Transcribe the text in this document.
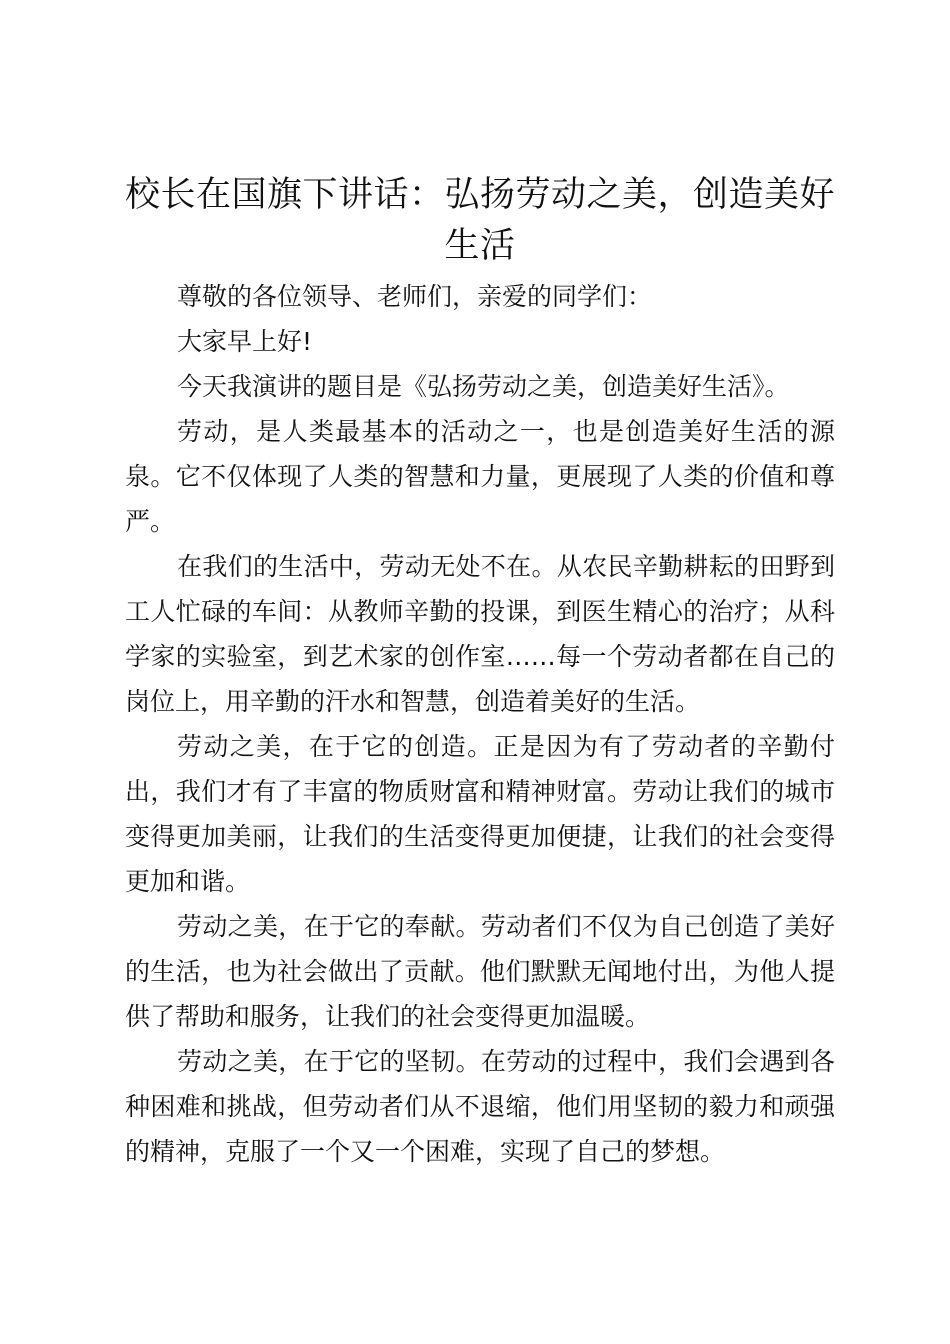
校长在国旗下讲话：弘扬劳动之美，创造美好生活

尊敬的各位领导、老师们，亲爱的同学们：

大家早上好!

今天我演讲的题目是《弘扬劳动之美，创造美好生活》。

劳动，是人类最基本的活动之一，也是创造美好生活的源泉。它不仅体现了人类的智慧和力量，更展现了人类的价值和尊严。

在我们的生活中，劳动无处不在。从农民辛勤耕耘的田野到工人忙碌的车间：从教师辛勤的投课，到医生精心的治疗；从科学家的实验室，到艺术家的创作室……每一个劳动者都在自己的岗位上，用辛勤的汗水和智慧，创造着美好的生活。

劳动之美，在于它的创造。正是因为有了劳动者的辛勤付出，我们才有了丰富的物质财富和精神财富。劳动让我们的城市变得更加美丽，让我们的生活变得更加便捷，让我们的社会变得更加和谐。

劳动之美，在于它的奉献。劳动者们不仅为自己创造了美好的生活，也为社会做出了贡献。他们默默无闻地付出，为他人提供了帮助和服务，让我们的社会变得更加温暖。

劳动之美，在于它的坚韧。在劳动的过程中，我们会遇到各种困难和挑战，但劳动者们从不退缩，他们用坚韧的毅力和顽强的精神，克服了一个又一个困难，实现了自己的梦想。
